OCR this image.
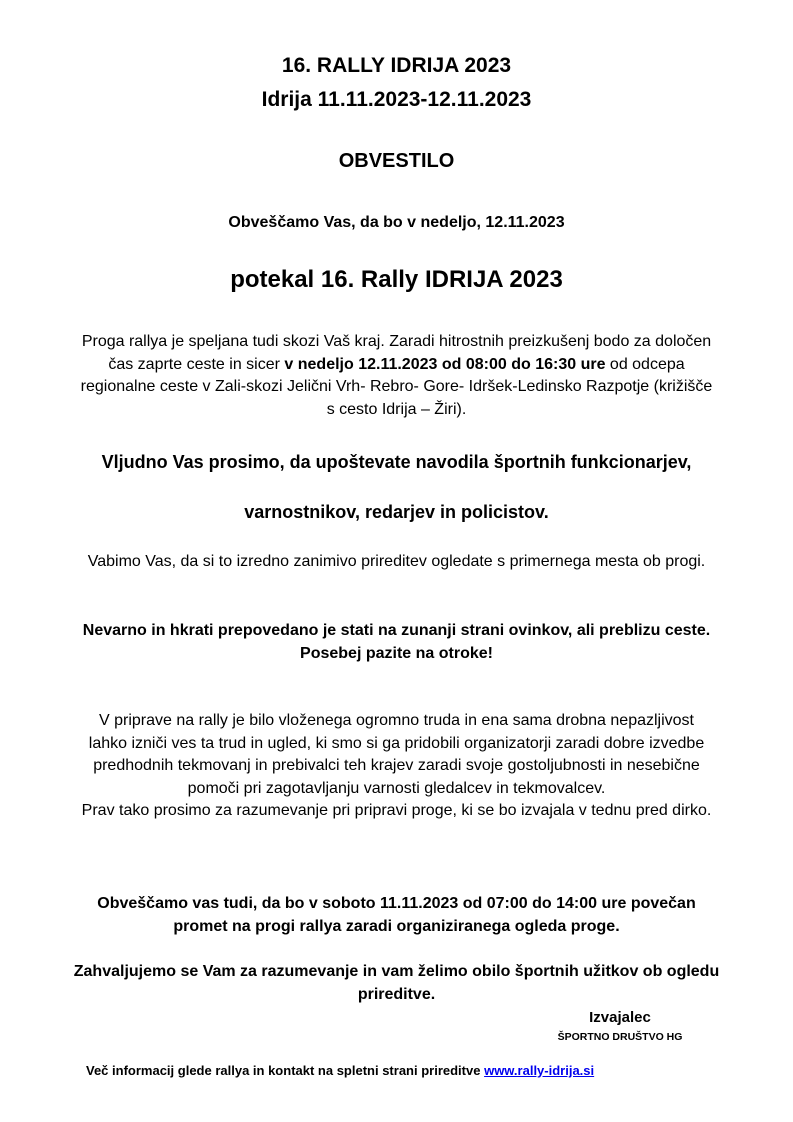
16. RALLY IDRIJA 2023
Idrija 11.11.2023-12.11.2023
OBVESTILO
Obveščamo Vas, da bo v nedeljo, 12.11.2023
potekal 16. Rally IDRIJA 2023
Proga rallya je speljana tudi skozi Vaš kraj. Zaradi hitrostnih preizkušenj bodo za določen čas zaprte ceste in sicer v nedeljo 12.11.2023 od 08:00 do 16:30 ure od odcepa regionalne ceste v Zali-skozi Jelični Vrh- Rebro- Gore- Idršek-Ledinsko Razpotje (križišče s cesto Idrija – Žiri).
Vljudno Vas prosimo, da upoštevate navodila športnih funkcionarjev,
varnostnikov, redarjev in policistov.
Vabimo Vas, da si to izredno zanimivo prireditev ogledate s primernega mesta ob progi.
Nevarno in hkrati prepovedano je stati na zunanji strani ovinkov, ali preblizu ceste.
Posebej pazite na otroke!
V priprave na rally je bilo vloženega ogromno truda in ena sama drobna nepazljivost lahko izniči ves ta trud in ugled, ki smo si ga pridobili organizatorji zaradi dobre izvedbe predhodnih tekmovanj in prebivalci teh krajev zaradi svoje gostoljubnosti in nesebične pomoči pri zagotavljanju varnosti gledalcev in tekmovalcev.
Prav tako prosimo za razumevanje pri pripravi proge, ki se bo izvajala v tednu pred dirko.
Obveščamo vas tudi, da bo v soboto 11.11.2023 od 07:00 do 14:00 ure povečan promet na progi rallya zaradi organiziranega ogleda proge.
Zahvaljujemo se Vam za razumevanje in vam želimo obilo športnih užitkov ob ogledu prireditve.
Izvajalec
ŠPORTNO DRUŠTVO HG
Več informacij glede rallya in kontakt na spletni strani prireditve www.rally-idrija.si
